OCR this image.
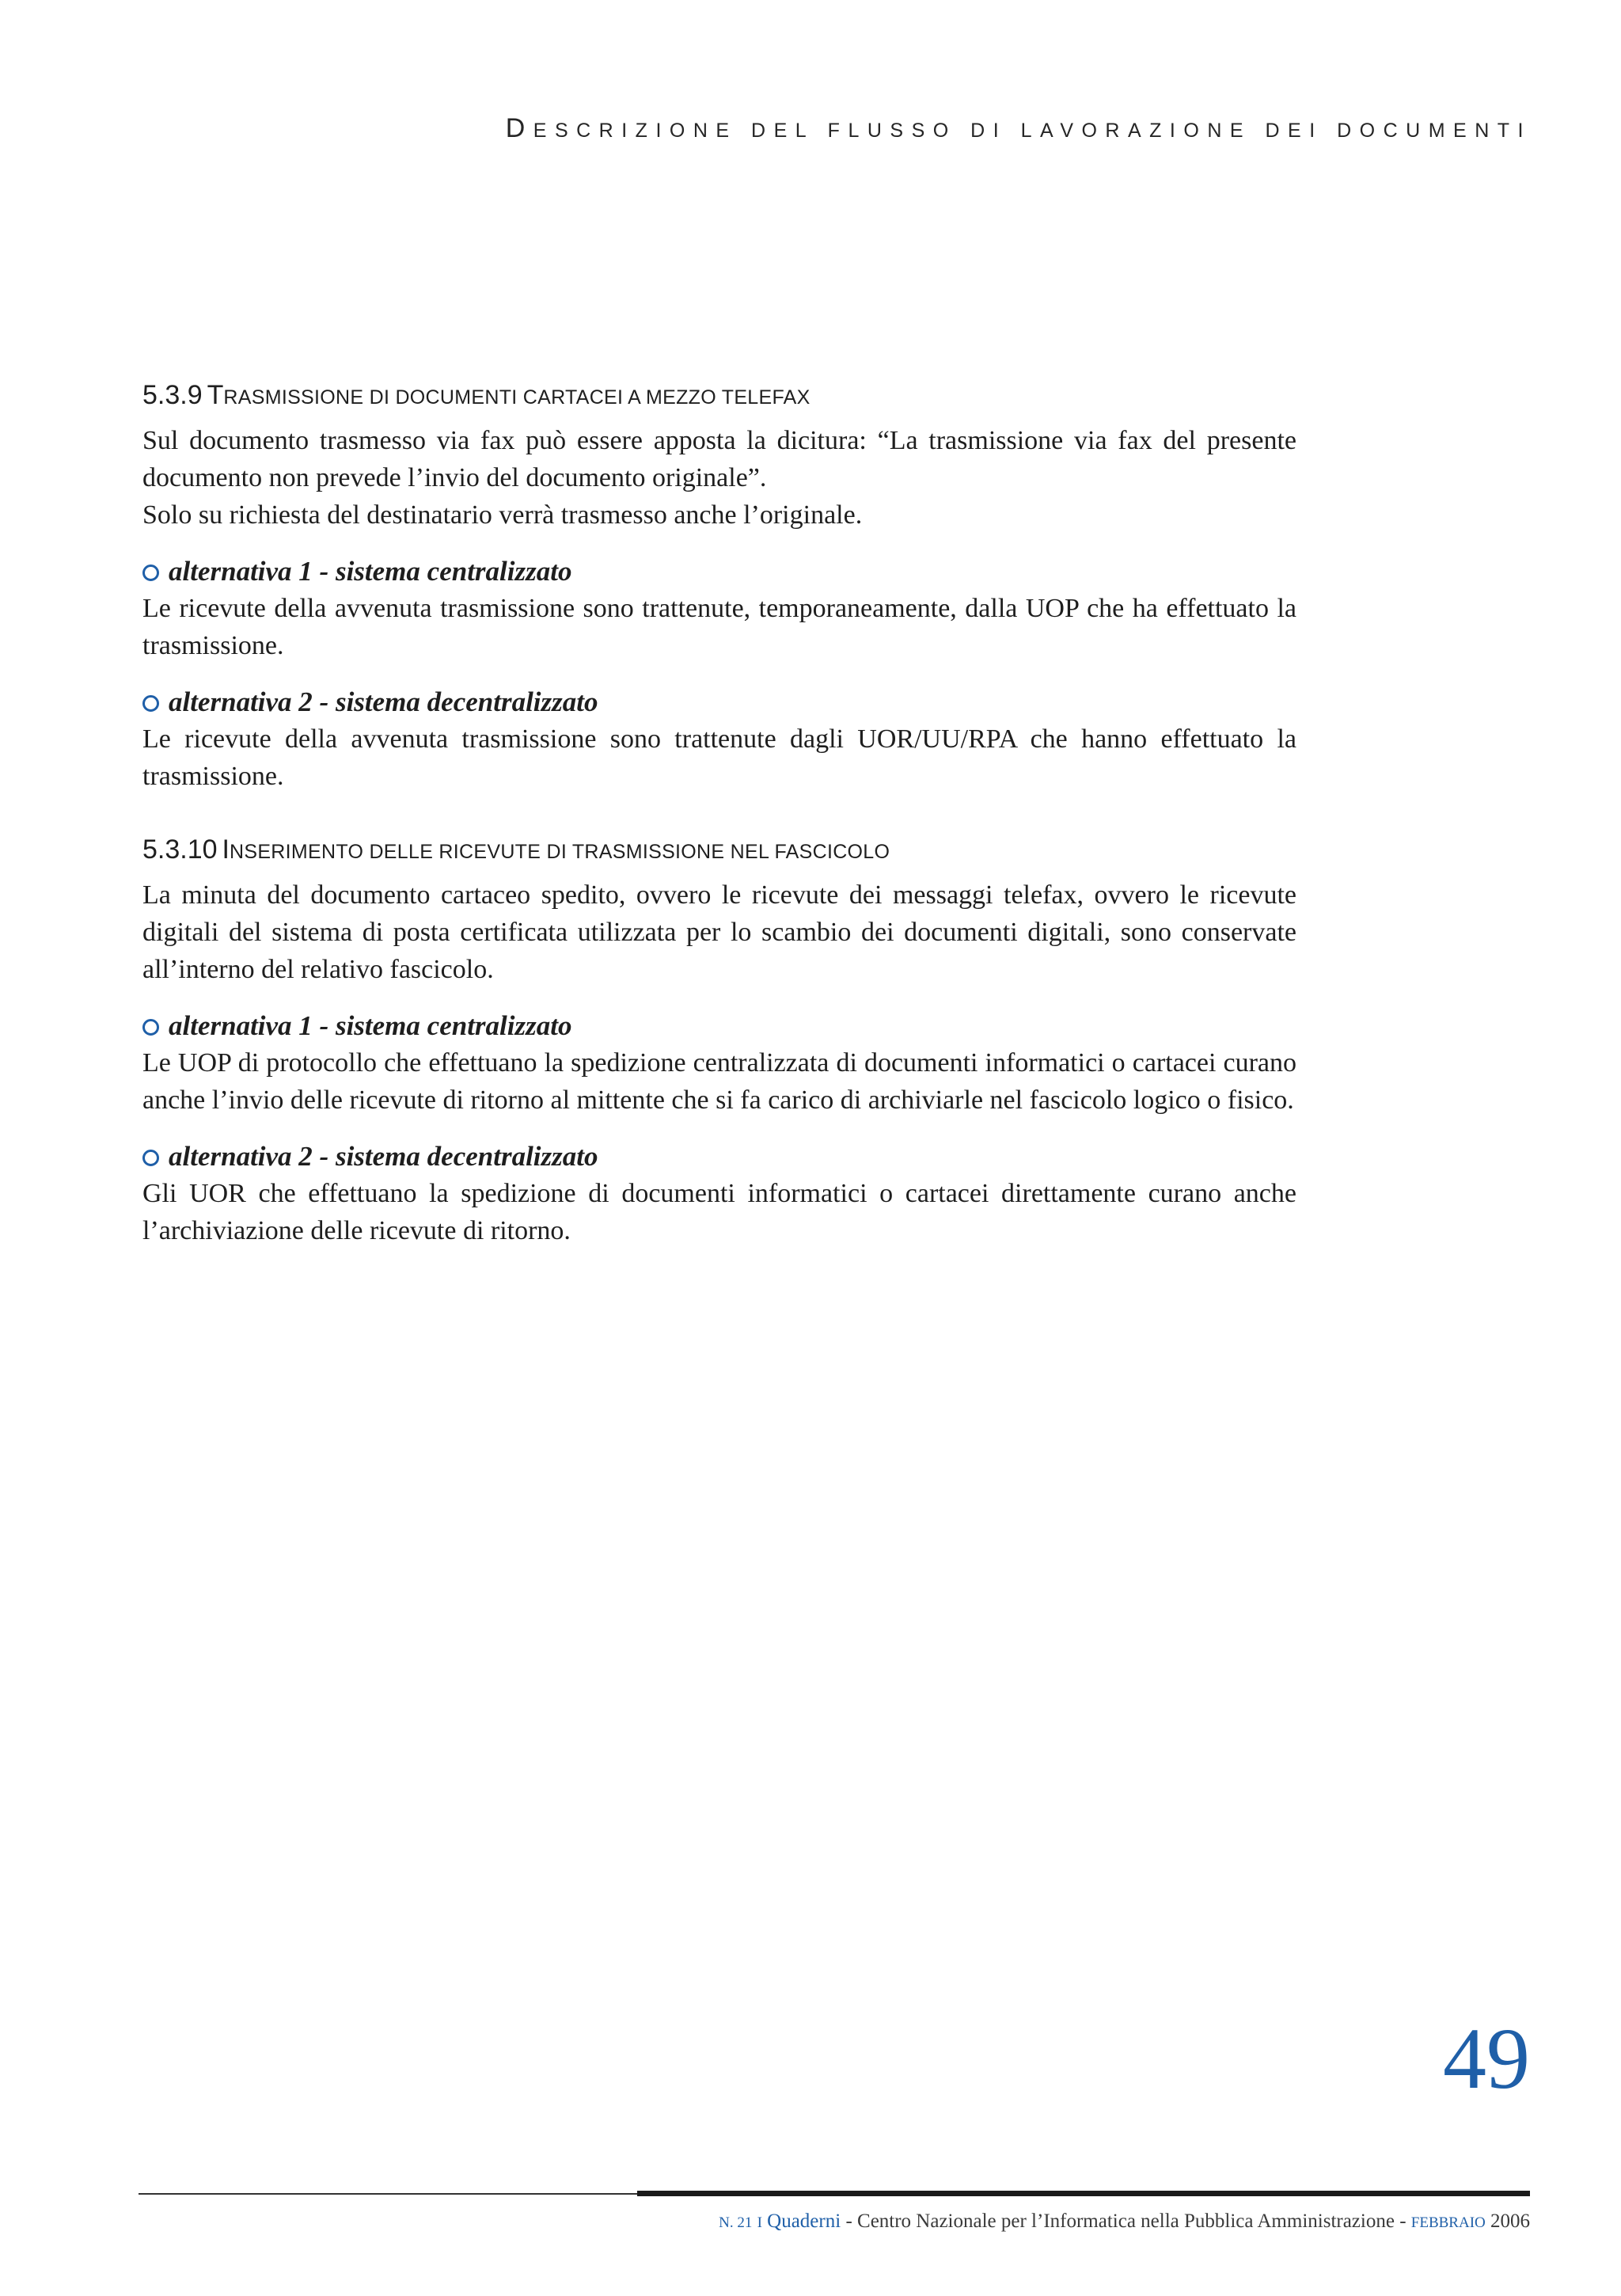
DESCRIZIONE DEL FLUSSO DI LAVORAZIONE DEI DOCUMENTI
5.3.9 TRASMISSIONE DI DOCUMENTI CARTACEI A MEZZO TELEFAX

Sul documento trasmesso via fax può essere apposta la dicitura: “La trasmissione via fax del presente documento non prevede l’invio del documento originale”.

Solo su richiesta del destinatario verrà trasmesso anche l’originale.

alternativa 1 - sistema centralizzato

Le ricevute della avvenuta trasmissione sono trattenute, temporaneamente, dalla UOP che ha effettuato la trasmissione.

alternativa 2 - sistema decentralizzato

Le ricevute della avvenuta trasmissione sono trattenute dagli UOR/UU/RPA che hanno effettuato la trasmissione.

5.3.10 INSERIMENTO DELLE RICEVUTE DI TRASMISSIONE NEL FASCICOLO

La minuta del documento cartaceo spedito, ovvero le ricevute dei messaggi telefax, ovvero le ricevute digitali del sistema di posta certificata utilizzata per lo scambio dei documenti digitali, sono conservate all’interno del relativo fascicolo.

alternativa 1 - sistema centralizzato

Le UOP di protocollo che effettuano la spedizione centralizzata di documenti informatici o cartacei curano anche l’invio delle ricevute di ritorno al mittente che si fa carico di archiviarle nel fascicolo logico o fisico.

alternativa 2 - sistema decentralizzato

Gli UOR che effettuano la spedizione di documenti informatici o cartacei direttamente curano anche l’archiviazione delle ricevute di ritorno.

49
N. 21 I Quaderni - Centro Nazionale per l’Informatica nella Pubblica Amministrazione - FEBBRAIO 2006
